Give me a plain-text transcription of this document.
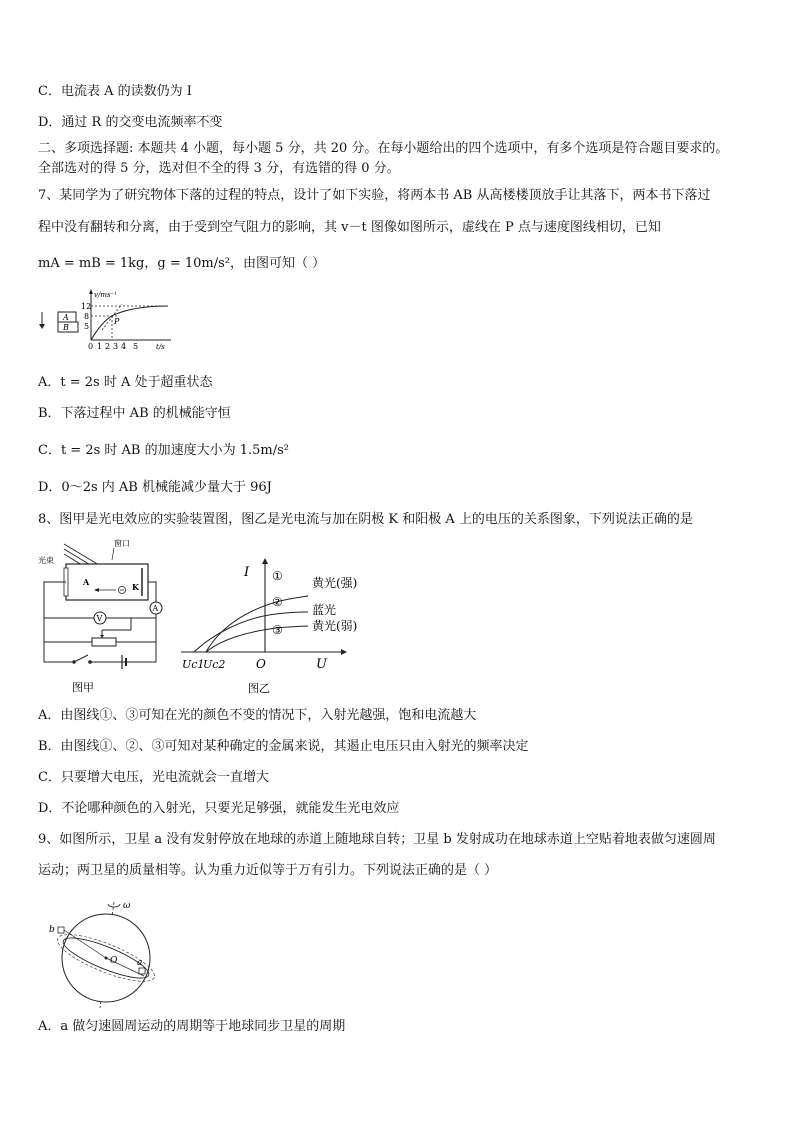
C．电流表 A 的读数仍为 I
D．通过 R 的交变电流频率不变
二、多项选择题: 本题共 4 小题，每小题 5 分，共 20 分。在每小题给出的四个选项中，有多个选项是符合题目要求的。
全部选对的得 5 分，选对但不全的得 3 分，有选错的得 0 分。
7、某同学为了研究物体下落的过程的特点，设计了如下实验，将两本书 AB 从高楼楼顶放手让其落下，两本书下落过
程中没有翻转和分离，由于受到空气阻力的影响，其 v－t 图像如图所示，虚线在 P 点与速度图线相切，已知
mA = mB = 1kg，g = 10m/s²，由图可知（ ）
A
B
v/ms⁻¹
12
8
5
P
0 1 2 3 4 5	t/s
A．t = 2s 时 A 处于超重状态
B．下落过程中 AB 的机械能守恒
C．t = 2s 时 AB 的加速度大小为 1.5m/s²
D．0～2s 内 AB 机械能减少量大于 96J
8、图甲是光电效应的实验装置图，图乙是光电流与加在阴极 K 和阳极 A 上的电压的关系图象，下列说法正确的是
光束
窗口
A	K
A
V
图甲
I
U
O
Uc1
Uc2
①
②
③
黄光(强)
蓝光
黄光(弱)
图乙
A．由图线①、③可知在光的颜色不变的情况下，入射光越强，饱和电流越大
B．由图线①、②、③可知对某种确定的金属来说，其遏止电压只由入射光的频率决定
C．只要增大电压，光电流就会一直增大
D．不论哪种颜色的入射光，只要光足够强，就能发生光电效应
9、如图所示，卫星 a 没有发射停放在地球的赤道上随地球自转；卫星 b 发射成功在地球赤道上空贴着地表做匀速圆周
运动；两卫星的质量相等。认为重力近似等于万有引力。下列说法正确的是（ ）
ω
O
b
a
A．a 做匀速圆周运动的周期等于地球同步卫星的周期
